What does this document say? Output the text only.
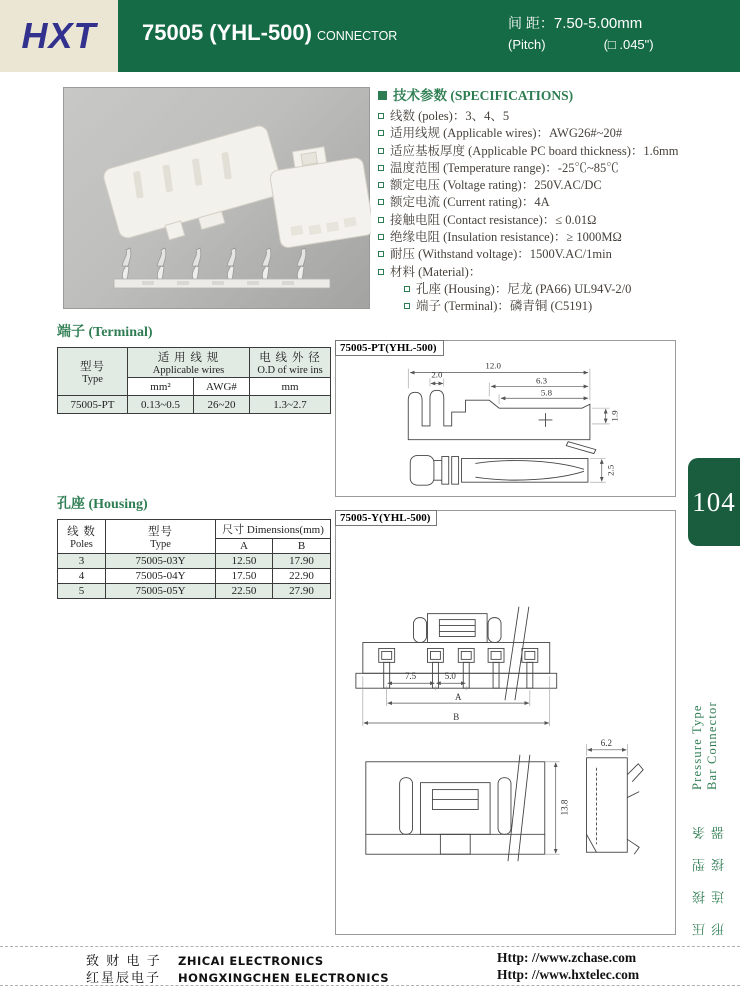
HXT 75005 (YHL-500) CONNECTOR
间 距：7.50-5.00mm
(Pitch)	(□ .045")
技术参数 (SPECIFICATIONS)
线数 (poles)：3、4、5
适用线规 (Applicable wires)：AWG26#~20#
适应基板厚度 (Applicable PC board thickness)：1.6mm
温度范围 (Temperature range)：-25℃~85℃
额定电压 (Voltage rating)：250V.AC/DC
额定电流 (Current rating)：4A
接触电阻 (Contact resistance)：≤ 0.01Ω
绝缘电阻 (Insulation resistance)：≥ 1000MΩ
耐压 (Withstand voltage)：1500V.AC/1min
材料 (Material)：
孔座 (Housing)：尼龙 (PA66) UL94V-2/0
端子 (Terminal)：磷青铜 (C5191)
端子 (Terminal)
型号
Type

适 用 线 规
Applicable wires

电 线 外 径
O.D of wire ins

	mm²	AWG#	mm
75005-PT	0.13~0.5	26~20	1.3~2.7
孔座 (Housing)
线 数
Poles

型号
Type
	尺寸 Dimensions(mm)
		A	B
3	75005-03Y	12.50	17.90
4	75005-04Y	17.50	22.90
5	75005-05Y	22.50	27.90
75005-PT(YHL-500)
12.0
2.0
6.3
5.8
1.9
2.5
75005-Y(YHL-500)
7.5	5.0
A
B
13.8
6.2
104
压 接 型 条 形 连 接 器
Pressure Type Bar Connector
致 财 电 子 ZHICAI ELECTRONICS
红星辰电子 HONGXINGCHEN ELECTRONICS
Http: //www.zchase.com
Http: //www.hxtelec.com
